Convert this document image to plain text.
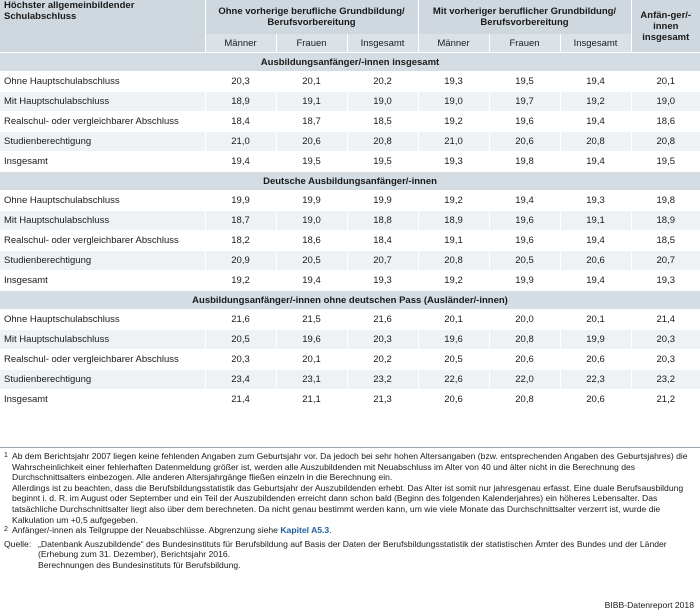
Höchster allgemeinbildender Schulabschluss	Ohne vorherige berufliche Grundbildung/ Berufsvorbereitung			Mit vorheriger beruflicher Grundbildung/ Berufsvorbereitung			Anfän-ger/-innen insgesamt
	Männer	Frauen	Insgesamt	Männer	Frauen	Insgesamt	
Ausbildungsanfänger/-innen insgesamt							
Ohne Hauptschulabschluss	20,3	20,1	20,2	19,3	19,5	19,4	20,1
Mit Hauptschulabschluss	18,9	19,1	19,0	19,0	19,7	19,2	19,0
Realschul- oder vergleichbarer Abschluss	18,4	18,7	18,5	19,2	19,6	19,4	18,6
Studienberechtigung	21,0	20,6	20,8	21,0	20,6	20,8	20,8
Insgesamt	19,4	19,5	19,5	19,3	19,8	19,4	19,5
Deutsche Ausbildungsanfänger/-innen							
Ohne Hauptschulabschluss	19,9	19,9	19,9	19,2	19,4	19,3	19,8
Mit Hauptschulabschluss	18,7	19,0	18,8	18,9	19,6	19,1	18,9
Realschul- oder vergleichbarer Abschluss	18,2	18,6	18,4	19,1	19,6	19,4	18,5
Studienberechtigung	20,9	20,5	20,7	20,8	20,5	20,6	20,7
Insgesamt	19,2	19,4	19,3	19,2	19,9	19,4	19,3
Ausbildungsanfänger/-innen ohne deutschen Pass (Ausländer/-innen)							
Ohne Hauptschulabschluss	21,6	21,5	21,6	20,1	20,0	20,1	21,4
Mit Hauptschulabschluss	20,5	19,6	20,3	19,6	20,8	19,9	20,3
Realschul- oder vergleichbarer Abschluss	20,3	20,1	20,2	20,5	20,6	20,6	20,3
Studienberechtigung	23,4	23,1	23,2	22,6	22,0	22,3	23,2
Insgesamt	21,4	21,1	21,3	20,6	20,8	20,6	21,2
1 Ab dem Berichtsjahr 2007 liegen keine fehlenden Angaben zum Geburtsjahr vor. Da jedoch bei sehr hohen Altersangaben (bzw. entsprechenden Angaben des Geburtsjahres) die Wahrscheinlichkeit einer fehlerhaften Datenmeldung größer ist, werden alle Auszubildenden mit Neuabschluss im Alter von 40 und älter nicht in die Berechnung des Durchschnittsalters einbezogen. Alle anderen Altersjahrgänge fließen einzeln in die Berechnung ein.

Allerdings ist zu beachten, dass die Berufsbildungsstatistik das Geburtsjahr der Auszubildenden erhebt. Das Alter ist somit nur jahresgenau erfasst. Eine duale Berufsausbildung beginnt i. d. R. im August oder September und ein Teil der Auszubildenden erreicht dann schon bald (Beginn des folgenden Kalenderjahres) ein höheres Lebensalter. Das tatsächliche Durchschnittsalter liegt also über dem berechneten. Da nicht genau bestimmt werden kann, um wie viele Monate das Durchschnittsalter verzerrt ist, wurde die Kalkulation um +0,5 aufgegeben.

2 Anfänger/-innen als Teilgruppe der Neuabschlüsse. Abgrenzung siehe Kapitel A5.3.
Quelle: „Datenbank Auszubildende“ des Bundesinstituts für Berufsbildung auf Basis der Daten der Berufsbildungsstatistik der statistischen Ämter des Bundes und der Länder (Erhebung zum 31. Dezember), Berichtsjahr 2016.

Berechnungen des Bundesinstituts für Berufsbildung.

BIBB-Datenreport 2018
